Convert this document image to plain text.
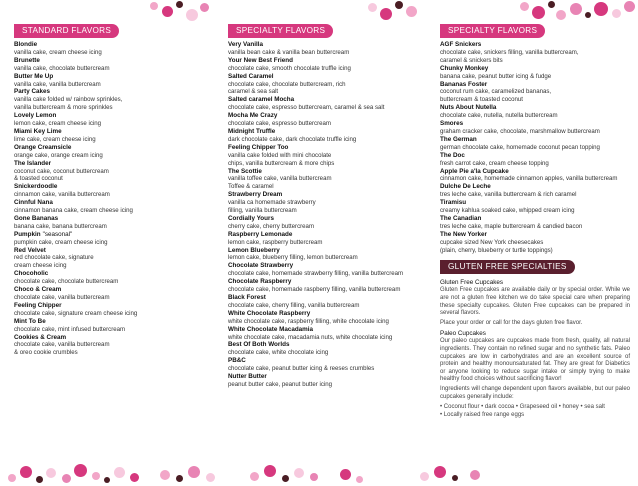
STANDARD FLAVORS
Blondie
vanilla cake, cream cheese icing
Brunette
vanilla cake, chocolate buttercream
Butter Me Up
vanilla cake, vanilla buttercream
Party Cakes
vanilla cake folded w/ rainbow sprinkles,
vanilla buttercream & more sprinkles
Lovely Lemon
lemon cake, cream cheese icing
Miami Key Lime
lime cake, cream cheese icing
Orange Creamsicle
orange cake, orange cream icing
The Islander
coconut cake, coconut buttercream
& toasted coconut
Snickerdoodle
cinnamon cake, vanilla buttercream
Cinnful Nana
cinnamon banana cake, cream cheese icing
Gone Bananas
banana cake, banana buttercream
Pumpkin "seasonal"
pumpkin cake, cream cheese icing
Red Velvet
red chocolate cake, signature
cream cheese icing
Chocoholic
chocolate cake, chocolate buttercream
Choco & Cream
chocolate cake, vanilla buttercream
Feeling Chipper
chocolate cake, signature cream cheese icing
Mint To Be
chocolate cake, mint infused buttercream
Cookies & Cream
chocolate cake, vanilla buttercream
& oreo cookie crumbles
SPECIALTY FLAVORS
Very Vanilla
vanilla bean cake & vanilla bean buttercream
Your New Best Friend
chocolate cake, smooth chocolate truffle icing
Salted Caramel
chocolate cake, chocolate buttercream, rich
caramel & sea salt
Salted caramel Mocha
chocolate cake, espresso buttercream, caramel & sea salt
Mocha Me Crazy
chocolate cake, espresso buttercream
Midnight Truffle
dark chocolate cake, dark chocolate truffle icing
Feeling Chipper Too
vanilla cake folded with mini chocolate
chips, vanilla buttercream & more chips
The Scottie
vanilla toffee cake, vanilla buttercream
Toffee & caramel
Strawberry Dream
vanilla ca homemade strawberry
filling, vanilla buttercream
Cordially Yours
cherry cake, cherry buttercream
Raspberry Lemonade
lemon cake, raspberry buttercream
Lemon Blueberry
lemon cake, blueberry filling, lemon buttercream
Chocolate Strawberry
chocolate cake, homemade strawberry filling, vanilla buttercream
Chocolate Raspberry
chocolate cake, homemade raspberry filling, vanilla buttercream
Black Forest
chocolate cake, cherry filling, vanilla buttercream
White Chocolate Raspberry
white chocolate cake, raspberry filling, white chocolate icing
White Chocolate Macadamia
white chocolate cake, macadamia nuts, white chocolate icing
Best Of Both Worlds
chocolate cake, white chocolate icing
PB&C
chocolate cake, peanut butter icing & reeses crumbles
Nutter Butter
peanut butter cake, peanut butter icing
SPECIALTY FLAVORS
AGF Snickers
chocolate cake, snickers filling, vanilla buttercream,
caramel & snickers bits
Chunky Monkey
banana cake, peanut butter icing & fudge
Bananas Foster
coconut rum cake, caramelized bananas,
buttercream & toasted coconut
Nuts About Nutella
chocolate cake, nutella, nutella buttercream
Smores
graham cracker cake, chocolate, marshmallow buttercream
The German
german chocolate cake, homemade coconut pecan topping
The Doc
fresh carrot cake, cream cheese topping
Apple Pie a'la Cupcake
cinnamon cake, homemade cinnamon apples, vanilla buttercream
Dulche De Leche
tres leche cake, vanilla buttercream & rich caramel
Tiramisu
creamy kahlua soaked cake, whipped cream icing
The Canadian
tres leche cake, maple buttercream & candied bacon
The New Yorker
cupcake sized New York cheesecakes
(plain, cherry, blueberry or turtle toppings)
GLUTEN FREE SPECIALTIES
Gluten Free Cupcakes
Gluten Free cupcakes are available daily or by special order. While we are not a gluten free kitchen we do take special care when preparing these specialty cupcakes. Gluten Free cupcakes can be prepared in several flavors.
Place your order or call for the days gluten free flavor.
Paleo Cupcakes
Our paleo cupcakes are cupcakes made from fresh, quality, all natural ingredients. They contain no refined sugar and no synthetic fats. Paleo cupcakes are low in carbohydrates and are an excellent source of protein and healthy monounsaturated fat. They are great for Diabetics or anyone looking to reduce sugar intake or simply trying to make healthy food choices without sacrificing flavor!
Ingredients will change dependent upon flavors available, but our paleo cupcakes generally include:
• Coconut flour • dark cocoa • Grapeseed oil • honey • sea salt
• Locally raised free range eggs
